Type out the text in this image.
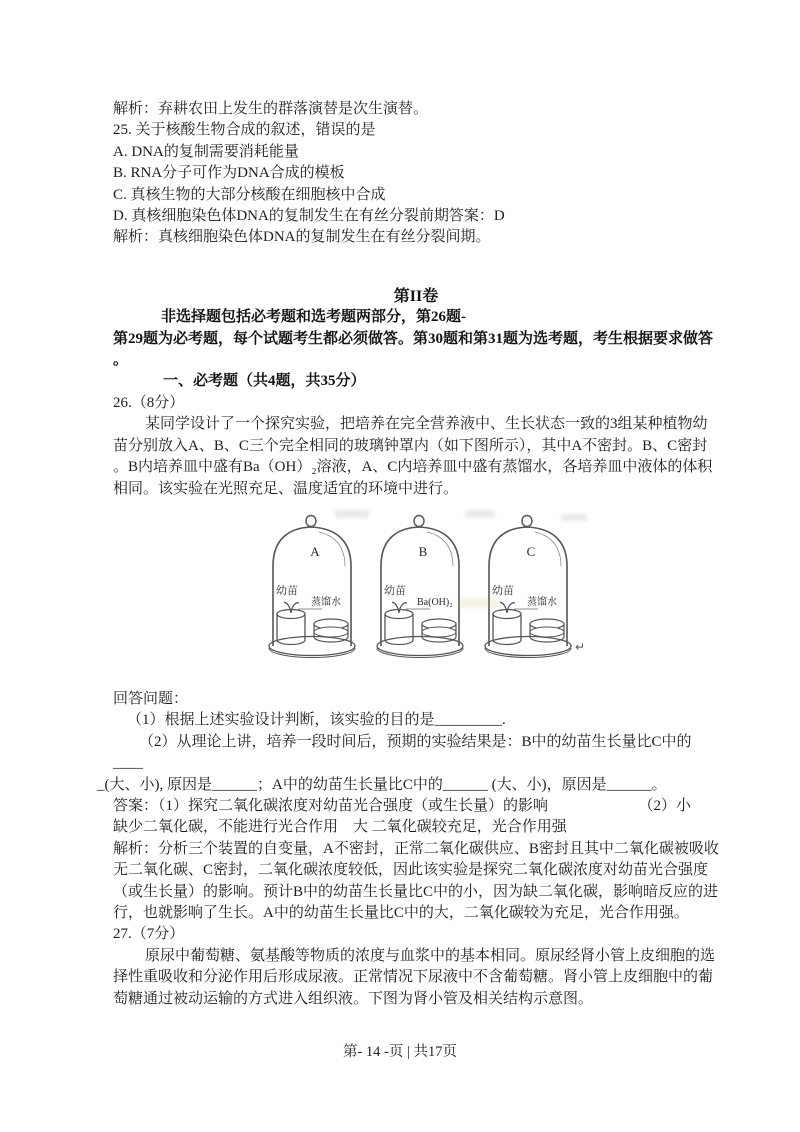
解析：弃耕农田上发生的群落演替是次生演替。
25. 关于核酸生物合成的叙述，错误的是
A. DNA的复制需要消耗能量
B. RNA分子可作为DNA合成的模板
C. 真核生物的大部分核酸在细胞核中合成
D. 真核细胞染色体DNA的复制发生在有丝分裂前期答案：D
解析：真核细胞染色体DNA的复制发生在有丝分裂间期。
第II卷
非选择题包括必考题和选考题两部分，第26题-
第29题为必考题，每个试题考生都必须做答。第30题和第31题为选考题，考生根据要求做答
。
一、必考题（共4题，共35分）
26.（8分）
某同学设计了一个探究实验，把培养在完全营养液中、生长状态一致的3组某种植物幼
苗分别放入A、B、C三个完全相同的玻璃钟罩内（如下图所示），其中A不密封。B、C密封
。B内培养皿中盛有Ba（OH）₂溶液，A、C内培养皿中盛有蒸馏水，各培养皿中液体的体积
相同。该实验在光照充足、温度适宜的环境中进行。
A
幼苗
蒸馏水
B
幼苗
Ba(OH)₂
C
幼苗
蒸馏水
↵
回答问题：
（1）根据上述实验设计判断，该实验的目的是_________.
（2）从理论上讲，培养一段时间后，预期的实验结果是：B中的幼苗生长量比C中的____
_(大、小), 原因是______；A中的幼苗生长量比C中的______ (大、小)，原因是______。
答案：（1）探究二氧化碳浓度对幼苗光合强度（或生长量）的影响	（2）小
缺少二氧化碳，不能进行光合作用　大 二氧化碳较充足，光合作用强
解析：分析三个装置的自变量，A不密封，正常二氧化碳供应、B密封且其中二氧化碳被吸收
无二氧化碳、C密封，二氧化碳浓度较低，因此该实验是探究二氧化碳浓度对幼苗光合强度
（或生长量）的影响。预计B中的幼苗生长量比C中的小，因为缺二氧化碳，影响暗反应的进
行，也就影响了生长。A中的幼苗生长量比C中的大，二氧化碳较为充足，光合作用强。
27.（7分）
原尿中葡萄糖、氨基酸等物质的浓度与血浆中的基本相同。原尿经肾小管上皮细胞的选
择性重吸收和分泌作用后形成尿液。正常情况下尿液中不含葡萄糖。肾小管上皮细胞中的葡
萄糖通过被动运输的方式进入组织液。下图为肾小管及相关结构示意图。
第- 14 -页 | 共17页
